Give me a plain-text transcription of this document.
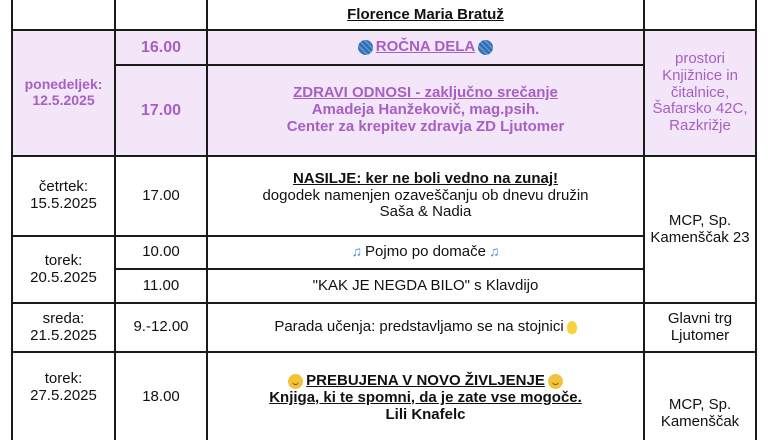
		Florence Maria Bratuž	
ponedeljek: 12.5.2025	16.00	ROČNA DELA	prostori Knjižnice in čitalnice, Šafarsko 42C, Razkrižje
	17.00	ZDRAVI ODNOSI - zaključno srečanje
Amadeja Hanžekovič, mag.psih.
Center za krepitev zdravja ZD Ljutomer	

četrtek: 15.5.2025	17.00	NASILJE: ker ne boli vedno na zunaj!
dogodek namenjen ozaveščanju ob dnevu družin
Saša & Nadia	MCP, Sp. Kamenščak 23
torek: 20.5.2025	10.00	♫ Pojmo po domače ♫	
	11.00	"KAK JE NEGDA BILO" s Klavdijo	
sreda: 21.5.2025	9.-12.00	Parada učenja: predstavljamo se na stojnici	Glavni trg Ljutomer
torek: 27.5.2025	18.00	PREBUJENA V NOVO ŽIVLJENJE
Knjiga, ki te spomni, da je zate vse mogoče.
Lili Knafelc	MCP, Sp. Kamenščak
